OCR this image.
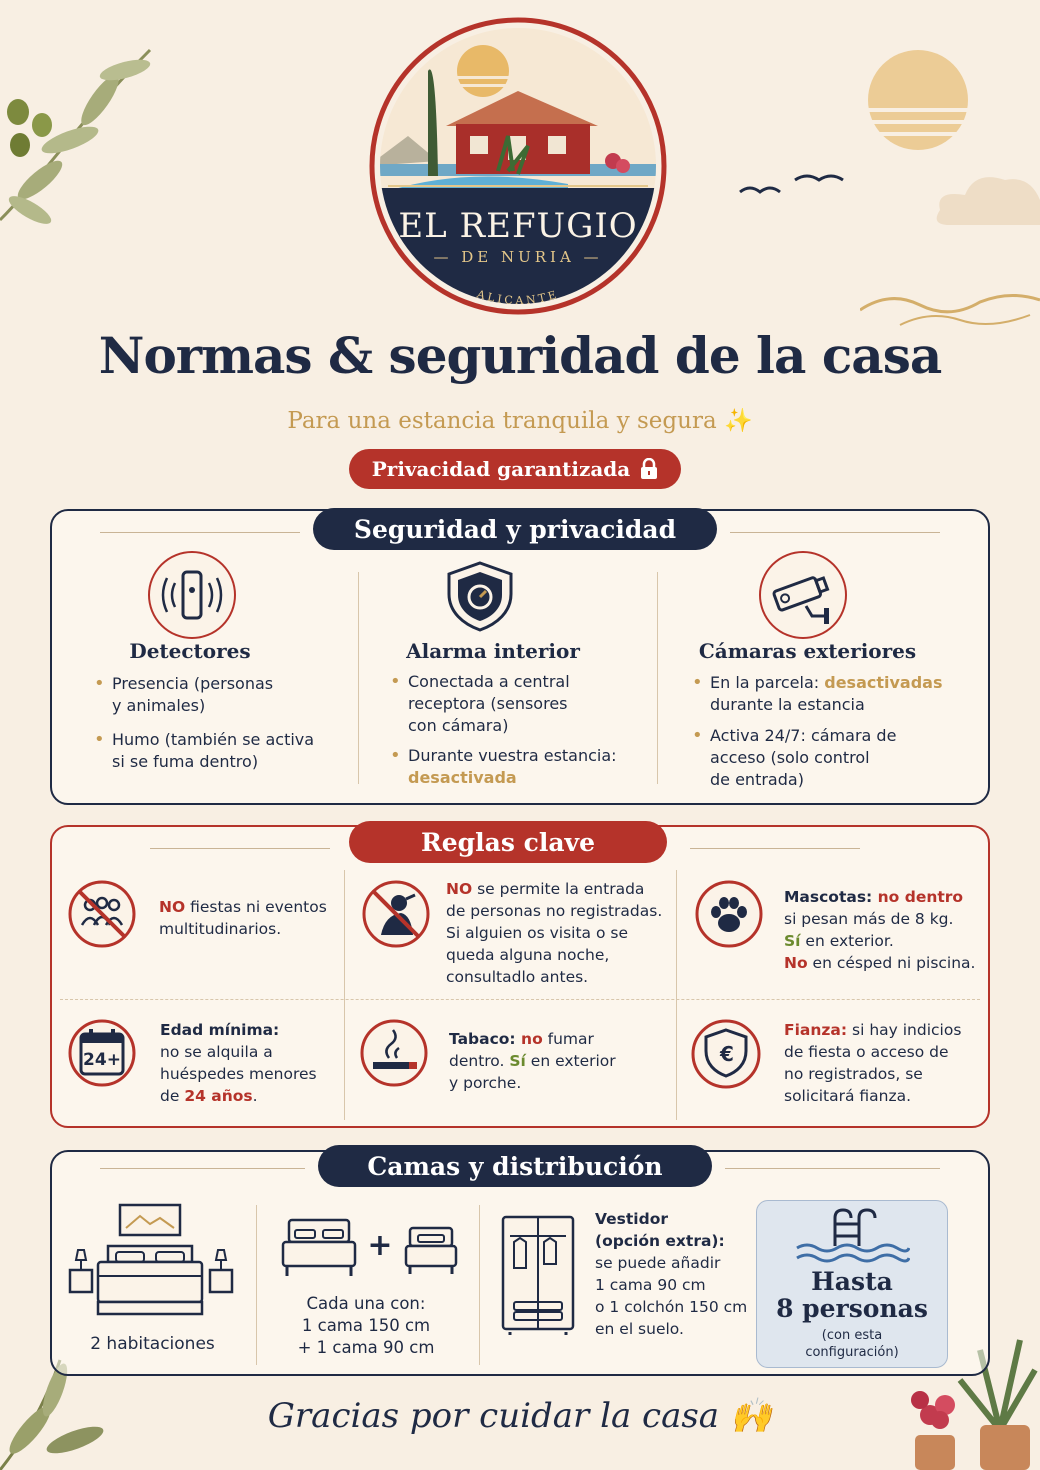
EL REFUGIO
— DE NURIA —
ALICANTE
Normas & seguridad de la casa
Para una estancia tranquila y segura ✨
Privacidad garantizada
Seguridad y privacidad
Detectores
• Presencia (personas
y animales)
• Humo (también se activa
si se fuma dentro)
Alarma interior
• Conectada a central
receptora (sensores
con cámara)
• Durante vuestra estancia:
desactivada
Cámaras exteriores
• En la parcela: desactivadas
durante la estancia
• Activa 24/7: cámara de
acceso (solo control
de entrada)
Reglas clave
NO fiestas ni eventos
multitudinarios.
NO se permite la entrada
de personas no registradas.
Si alguien os visita o se
queda alguna noche,
consultadlo antes.
Mascotas: no dentro
si pesan más de 8 kg.
Sí en exterior.
No en césped ni piscina.
24+
Edad mínima:
no se alquila a
huéspedes menores
de 24 años.
Tabaco: no fumar
dentro. Sí en exterior
y porche.
€
Fianza: si hay indicios
de fiesta o acceso de
no registrados, se
solicitará fianza.
Camas y distribución
2 habitaciones
+
Cada una con:
1 cama 150 cm
+ 1 cama 90 cm
Vestidor
(opción extra):
se puede añadir
1 cama 90 cm
o 1 colchón 150 cm
en el suelo.
Hasta
8 personas
(con esta
configuración)
Gracias por cuidar la casa 🙌
